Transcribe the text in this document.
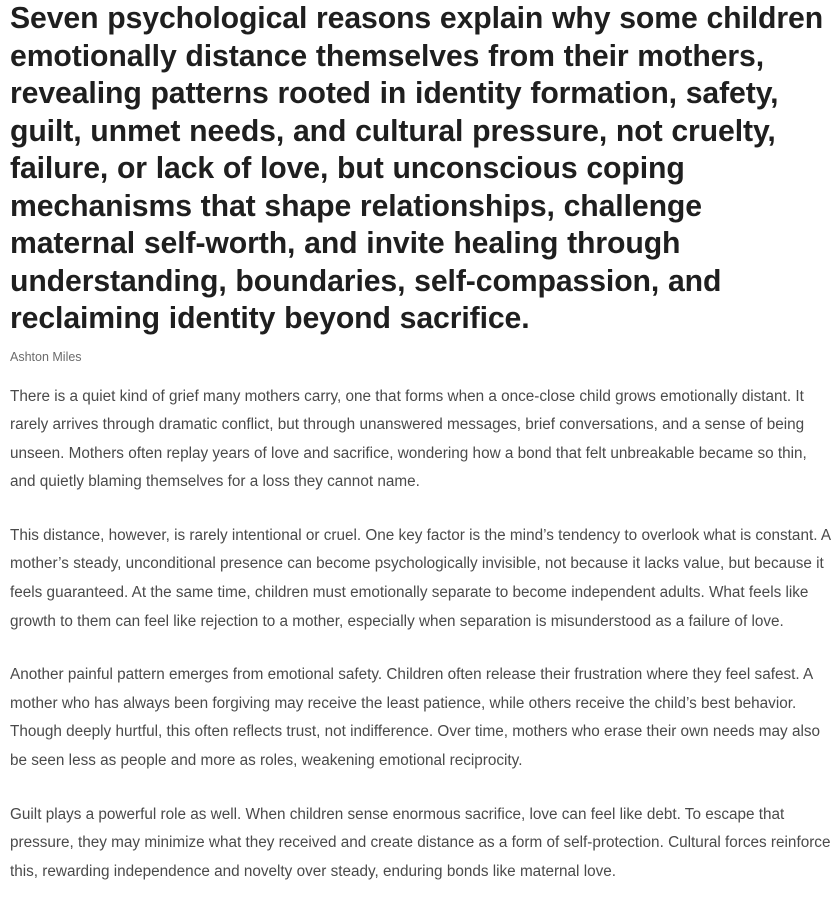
Seven psychological reasons explain why some children emotionally distance themselves from their mothers, revealing patterns rooted in identity formation, safety, guilt, unmet needs, and cultural pressure, not cruelty, failure, or lack of love, but unconscious coping mechanisms that shape relationships, challenge maternal self-worth, and invite healing through understanding, boundaries, self-compassion, and reclaiming identity beyond sacrifice.
Ashton Miles

There is a quiet kind of grief many mothers carry, one that forms when a once-close child grows emotionally distant. It rarely arrives through dramatic conflict, but through unanswered messages, brief conversations, and a sense of being unseen. Mothers often replay years of love and sacrifice, wondering how a bond that felt unbreakable became so thin, and quietly blaming themselves for a loss they cannot name.

This distance, however, is rarely intentional or cruel. One key factor is the mind’s tendency to overlook what is constant. A mother’s steady, unconditional presence can become psychologically invisible, not because it lacks value, but because it feels guaranteed. At the same time, children must emotionally separate to become independent adults. What feels like growth to them can feel like rejection to a mother, especially when separation is misunderstood as a failure of love.

Another painful pattern emerges from emotional safety. Children often release their frustration where they feel safest. A mother who has always been forgiving may receive the least patience, while others receive the child’s best behavior. Though deeply hurtful, this often reflects trust, not indifference. Over time, mothers who erase their own needs may also be seen less as people and more as roles, weakening emotional reciprocity.

Guilt plays a powerful role as well. When children sense enormous sacrifice, love can feel like debt. To escape that pressure, they may minimize what they received and create distance as a form of self-protection. Cultural forces reinforce this, rewarding independence and novelty over steady, enduring bonds like maternal love.
